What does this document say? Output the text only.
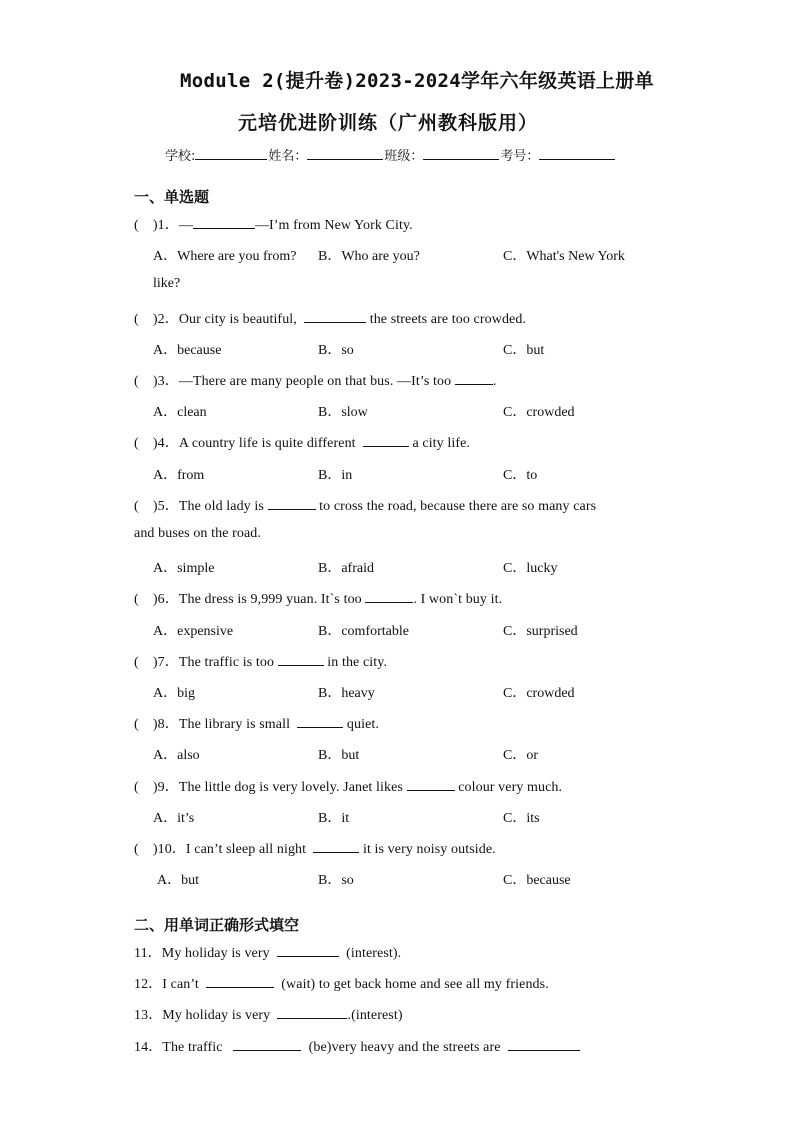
Module 2(提升卷)2023-2024学年六年级英语上册单
元培优进阶训练（广州教科版用）
学校:	姓名：	班级：	考号：
一、单选题
(　)1．—	—I’m from New York City.
A．Where are you from? B．Who are you?	C．What's New York
like?
(　)2．Our city is beautiful,	the streets are too crowded.
A．because	B．so	C．but
(　)3．—There are many people on that bus. —It’s too	.
A．clean	B．slow	C．crowded
(　)4．A country life is quite different	a city life.
A．from	B．in	C．to
(　)5．The old lady is	to cross the road, because there are so many cars
and buses on the road.
A．simple	B．afraid	C．lucky
(　)6．The dress is 9,999 yuan. It`s too	. I won`t buy it.
A．expensive	B．comfortable	C．surprised
(　)7．The traffic is too	in the city.
A．big	B．heavy	C．crowded
(　)8．The library is small	quiet.
A．also	B．but	C．or
(　)9．The little dog is very lovely. Janet likes	colour very much.
A．it’s	B．it	C．its
(　)10．I can’t sleep all night	it is very noisy outside.
A．but	B．so	C．because
二、用单词正确形式填空
11．My holiday is very	(interest).
12．I can’t	(wait) to get back home and see all my friends.
13．My holiday is very	.(interest)
14．The traffic	(be)very heavy and the streets are
